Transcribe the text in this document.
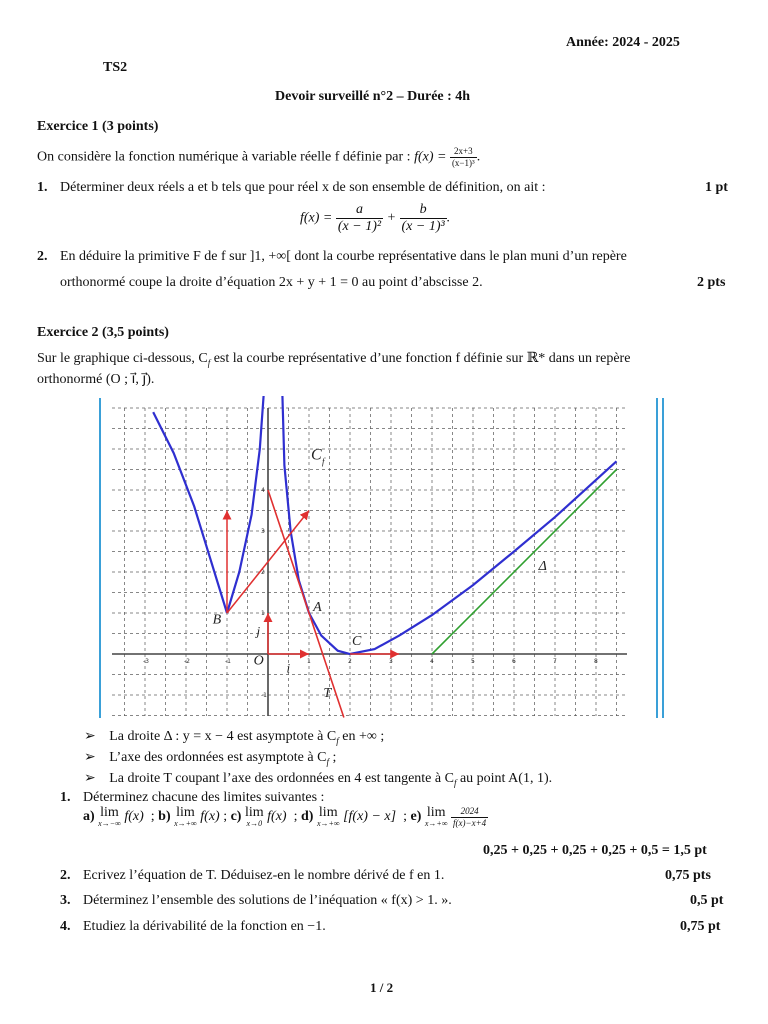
Année: 2024 - 2025
TS2
Devoir surveillé n°2 – Durée : 4h
Exercice 1 (3 points)
On considère la fonction numérique à variable réelle f définie par : $f(x) = \frac{2x+3}{\text{(x−1)³}}$ .
1. Déterminer deux réels a et b tels que pour réel x de son ensemble de définition, on ait :	1 pt
$f(x) = \frac{a}{\text{(x − 1)²}} + \frac{b}{\text{(x − 1)³}}$ .
2. En déduire la primitive F de f sur ]1, +∞[ dont la courbe représentative dans le plan muni d’un repère
orthonormé coupe la droite d’équation 2x + y + 1 = 0 au point d’abscisse 2.	2 pts
Exercice 2 (3,5 points)
Sur le graphique ci-dessous, $C_f$ est la courbe représentative d’une fonction f définie sur ℝ* dans un repère
orthonormé (O ; i⃗, j⃗).
-3	-2	-1	1	2	3	4	5	6	7	8
1
2
3
4
-1
C f
Δ
A
B
C
O i
j
T
➢ La droite Δ : y = x − 4 est asymptote à $C_f$ en +∞ ;
➢ L’axe des ordonnées est asymptote à $C_f$ ;
➢ La droite T coupant l’axe des ordonnées en 4 est tangente à $C_f$ au point A(1, 1).
1. Déterminez chacune des limites suivantes :
a) lim
x→−∞ f(x)  ; b) lim
x→+∞ f(x) ; c) lim
x→0 f(x)  ; d) lim
x→+∞ [f(x) − x]  ; e) lim
x→+∞
$\frac{2024}{f(x)-x+4}$
0,25 + 0,25 + 0,25 + 0,25 + 0,5 = 1,5 pt
2. Ecrivez l’équation de T. Déduisez-en le nombre dérivé de f en 1.	0,75 pts
3. Déterminez l’ensemble des solutions de l’inéquation « f(x) > 1. ».	0,5 pt
4. Etudiez la dérivabilité de la fonction en −1.	0,75 pt
1 / 2
